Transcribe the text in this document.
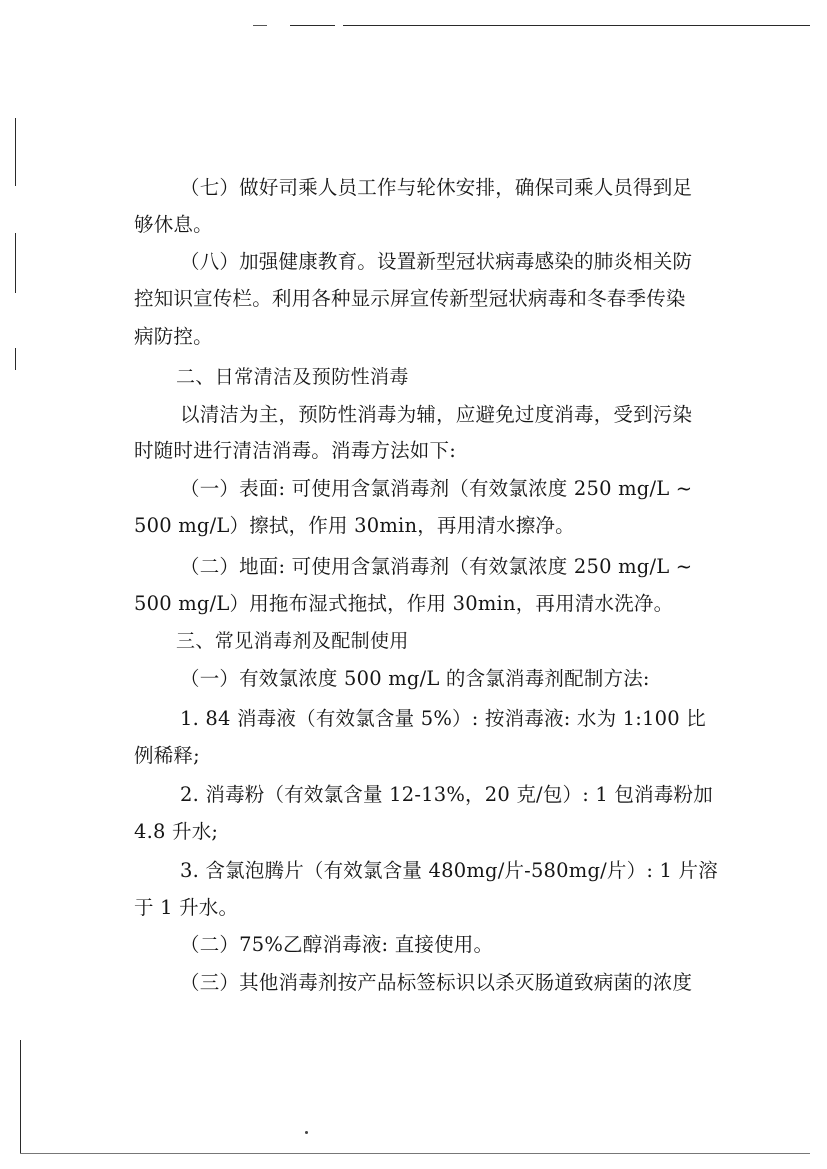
（七）做好司乘人员工作与轮休安排，确保司乘人员得到足
够休息。
（八）加强健康教育。设置新型冠状病毒感染的肺炎相关防
控知识宣传栏。利用各种显示屏宣传新型冠状病毒和冬春季传染
病防控。
二、日常清洁及预防性消毒
以清洁为主，预防性消毒为辅，应避免过度消毒，受到污染
时随时进行清洁消毒。消毒方法如下:
（一）表面: 可使用含氯消毒剂（有效氯浓度 250 mg/L ~
500 mg/L）擦拭，作用 30min，再用清水擦净。
（二）地面: 可使用含氯消毒剂（有效氯浓度 250 mg/L ~
500 mg/L）用拖布湿式拖拭，作用 30min，再用清水洗净。
三、常见消毒剂及配制使用
（一）有效氯浓度 500 mg/L 的含氯消毒剂配制方法:
1. 84 消毒液（有效氯含量 5%）: 按消毒液: 水为 1:100 比
例稀释;
2. 消毒粉（有效氯含量 12-13%，20 克/包）: 1 包消毒粉加
4.8 升水;
3. 含氯泡腾片（有效氯含量 480mg/片-580mg/片）: 1 片溶
于 1 升水。
（二）75%乙醇消毒液: 直接使用。
（三）其他消毒剂按产品标签标识以杀灭肠道致病菌的浓度
